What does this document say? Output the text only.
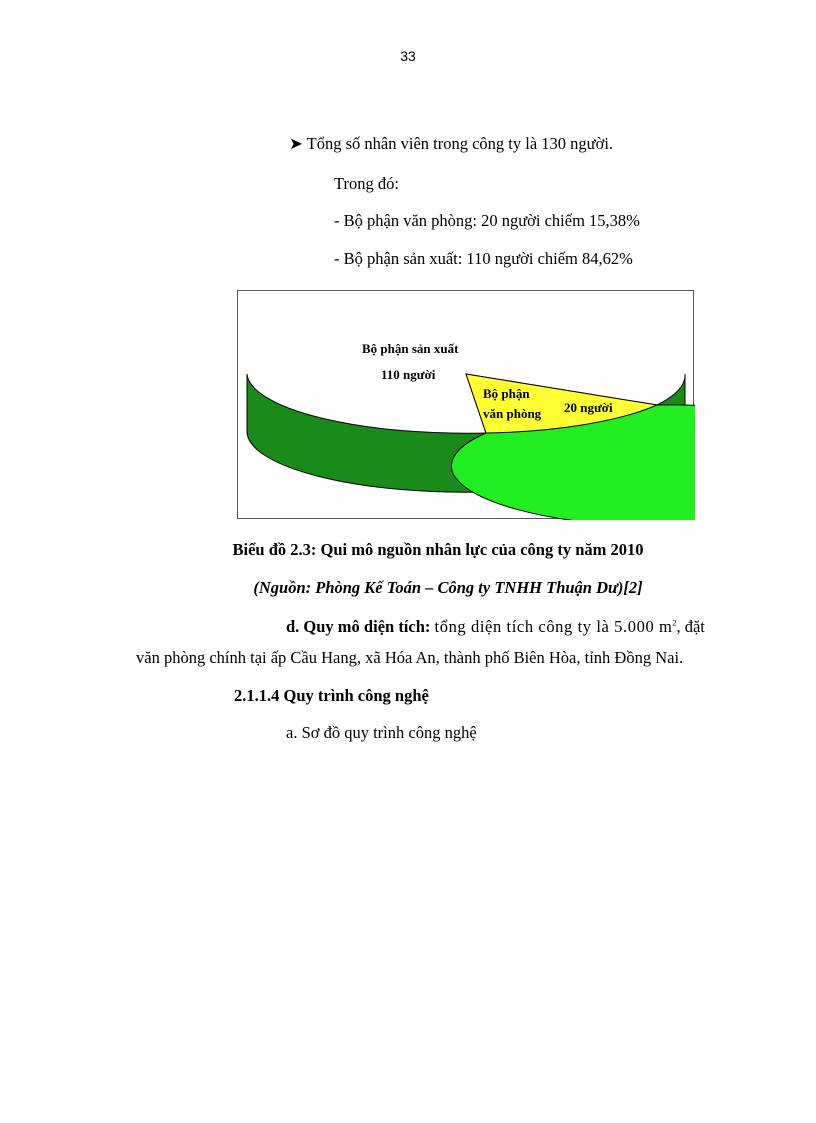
33
➤ Tổng số nhân viên trong công ty là 130 người.
Trong đó:
- Bộ phận văn phòng: 20 người chiếm 15,38%
- Bộ phận sản xuất: 110 người chiếm 84,62%
Bộ phận sản xuất
110 người
Bộ phận
văn phòng 20 người
Biểu đồ 2.3: Qui mô nguồn nhân lực của công ty năm 2010
(Nguồn: Phòng Kế Toán – Công ty TNHH Thuận Dư)[2]
d. Quy mô diện tích: tổng diện tích công ty là 5.000 $m^2$, đặt
văn phòng chính tại ấp Cầu Hang, xã Hóa An, thành phố Biên Hòa, tỉnh Đồng Nai.
2.1.1.4 Quy trình công nghệ
a. Sơ đồ quy trình công nghệ
